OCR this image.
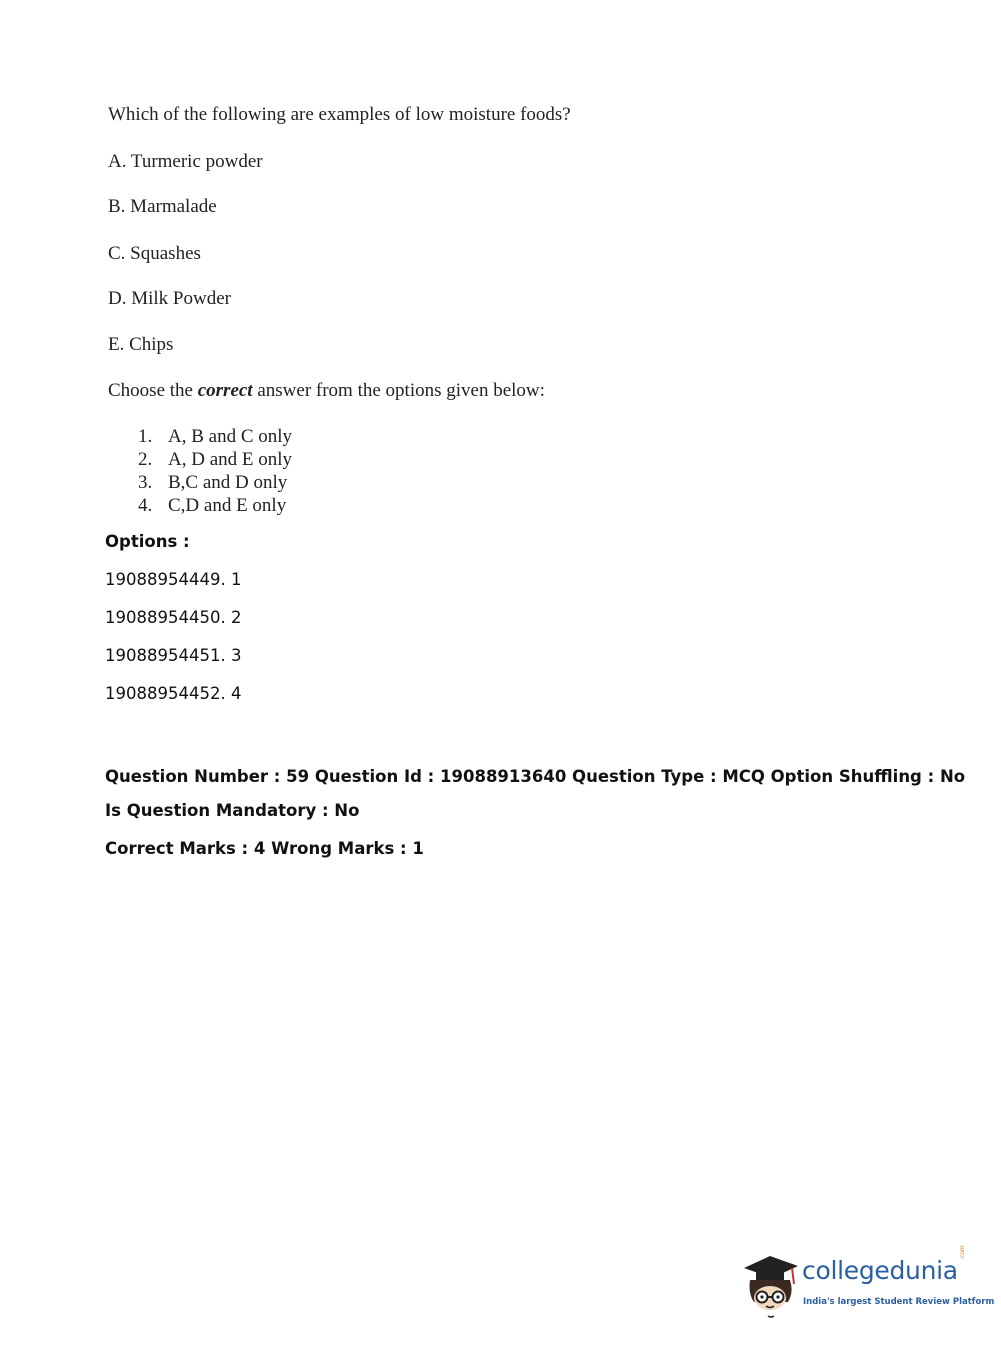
Which of the following are examples of low moisture foods?
A. Turmeric powder
B. Marmalade
C. Squashes
D. Milk Powder
E. Chips
Choose the correct answer from the options given below:
1. A, B and C only
2. A, D and E only
3. B,C and D only
4. C,D and E only
Options :
19088954449. 1
19088954450. 2
19088954451. 3
19088954452. 4
Question Number : 59 Question Id : 19088913640 Question Type : MCQ Option Shuffling : No
Is Question Mandatory : No
Correct Marks : 4 Wrong Marks : 1
collegedunia
.com
India's largest Student Review Platform
